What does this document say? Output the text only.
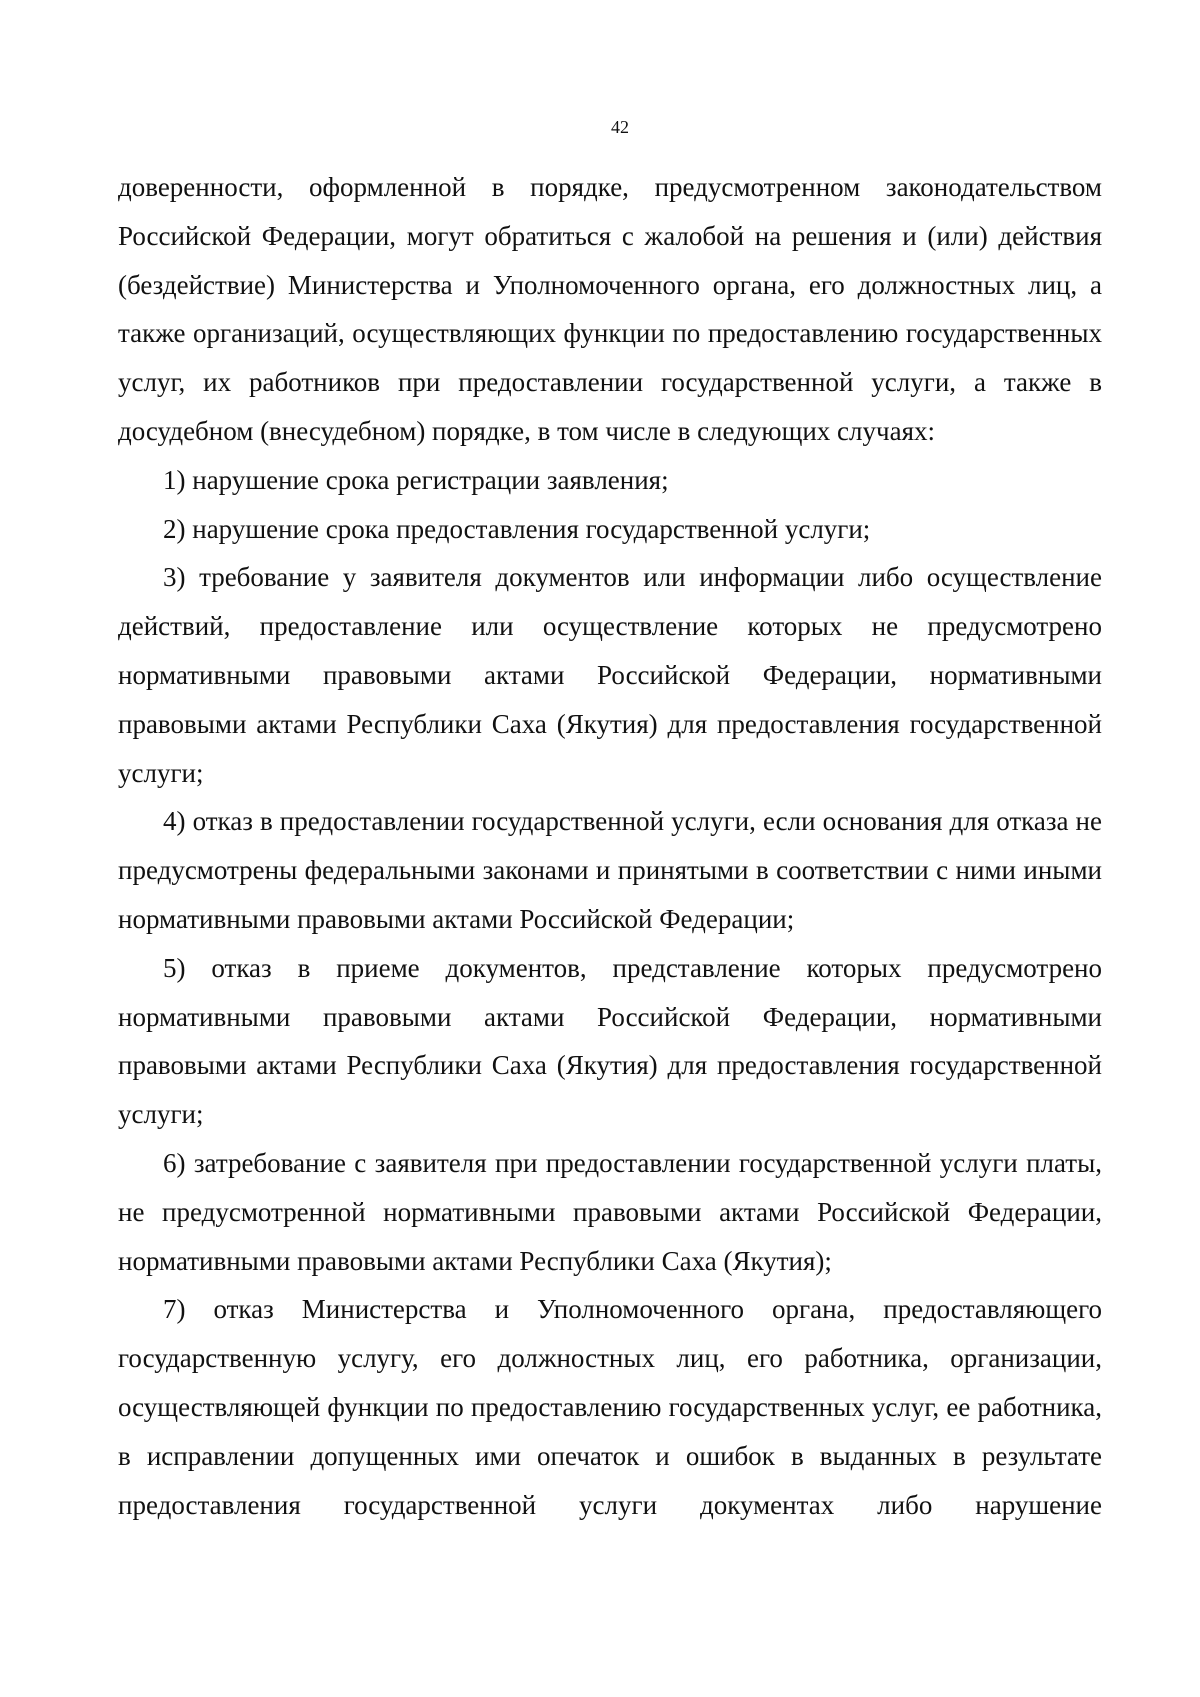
42

доверенности, оформленной в порядке, предусмотренном законодательством Российской Федерации, могут обратиться с жалобой на решения и (или) действия (бездействие) Министерства и Уполномоченного органа, его должностных лиц, а также организаций, осуществляющих функции по предоставлению государственных услуг, их работников при предоставлении государственной услуги, а также в досудебном (внесудебном) порядке, в том числе в следующих случаях:

1) нарушение срока регистрации заявления;

2) нарушение срока предоставления государственной услуги;

3) требование у заявителя документов или информации либо осуществление действий, предоставление или осуществление которых не предусмотрено нормативными правовыми актами Российской Федерации, нормативными правовыми актами Республики Саха (Якутия) для предоставления государственной услуги;

4) отказ в предоставлении государственной услуги, если основания для отказа не предусмотрены федеральными законами и принятыми в соответствии с ними иными нормативными правовыми актами Российской Федерации;

5) отказ в приеме документов, представление которых предусмотрено нормативными правовыми актами Российской Федерации, нормативными правовыми актами Республики Саха (Якутия) для предоставления государственной услуги;

6) затребование с заявителя при предоставлении государственной услуги платы, не предусмотренной нормативными правовыми актами Российской Федерации, нормативными правовыми актами Республики Саха (Якутия);

7) отказ Министерства и Уполномоченного органа, предоставляющего государственную услугу, его должностных лиц, его работника, организации, осуществляющей функции по предоставлению государственных услуг, ее работника, в исправлении допущенных ими опечаток и ошибок в выданных в результате предоставления государственной услуги документах либо нарушение
